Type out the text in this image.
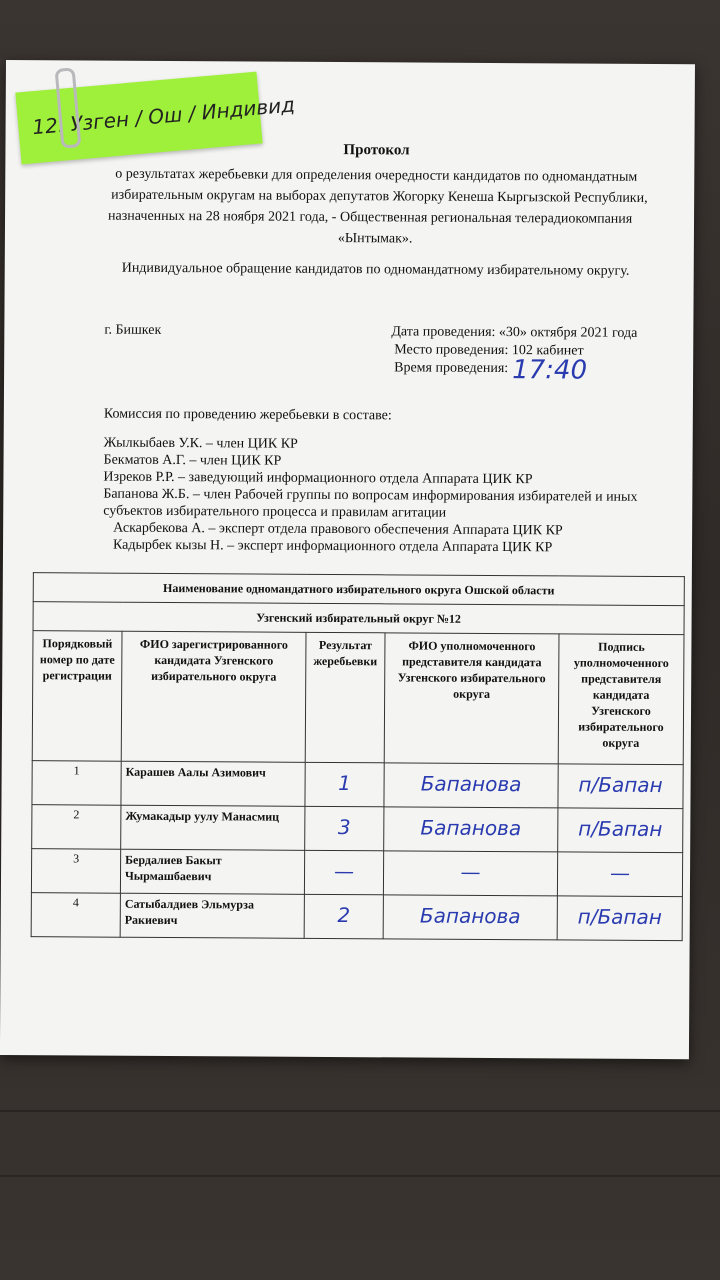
12. Узген / Ош / Индивид
Протокол
о результатах жеребьевки для определения очередности кандидатов по одномандатным
избирательным округам на выборах депутатов Жогорку Кенеша Кыргызской Республики,
назначенных на 28 ноября 2021 года, - Общественная региональная телерадиокомпания
«Ынтымак».
Индивидуальное обращение кандидатов по одномандатному избирательному округу.
г. Бишкек	Дата проведения: «30» октября 2021 года
Место проведения: 102 кабинет
Время проведения: 17:40
Комиссия по проведению жеребьевки в составе:
Жылкыбаев У.К. – член ЦИК КР
Бекматов А.Г. – член ЦИК КР
Изреков Р.Р. – заведующий информационного отдела Аппарата ЦИК КР
Бапанова Ж.Б. – член Рабочей группы по вопросам информирования избирателей и иных
субъектов избирательного процесса и правилам агитации
Аскарбекова А. – эксперт отдела правового обеспечения Аппарата ЦИК КР
Кадырбек кызы Н. – эксперт информационного отдела Аппарата ЦИК КР
Наименование одномандатного избирательного округа Ошской области				
Узгенский избирательный округ №12				
Порядковый номер по дате регистрации	ФИО зарегистрированного кандидата Узгенского избирательного округа	Результат жеребьевки	ФИО уполномоченного представителя кандидата Узгенского избирательного округа	Подпись уполномоченного представителя кандидата Узгенского избирательного округа
1	Карашев Аалы Азимович	1	Бапанова	п/Бапан

2	Жумакадыр уулу Манасмиц	3	Бапанова	п/Бапан

3	Бердалиев Бакыт Чырмашбаевич	—	—	—

4	Сатыбалдиев Эльмурза Ракиевич	2	Бапанова	п/Бапан
